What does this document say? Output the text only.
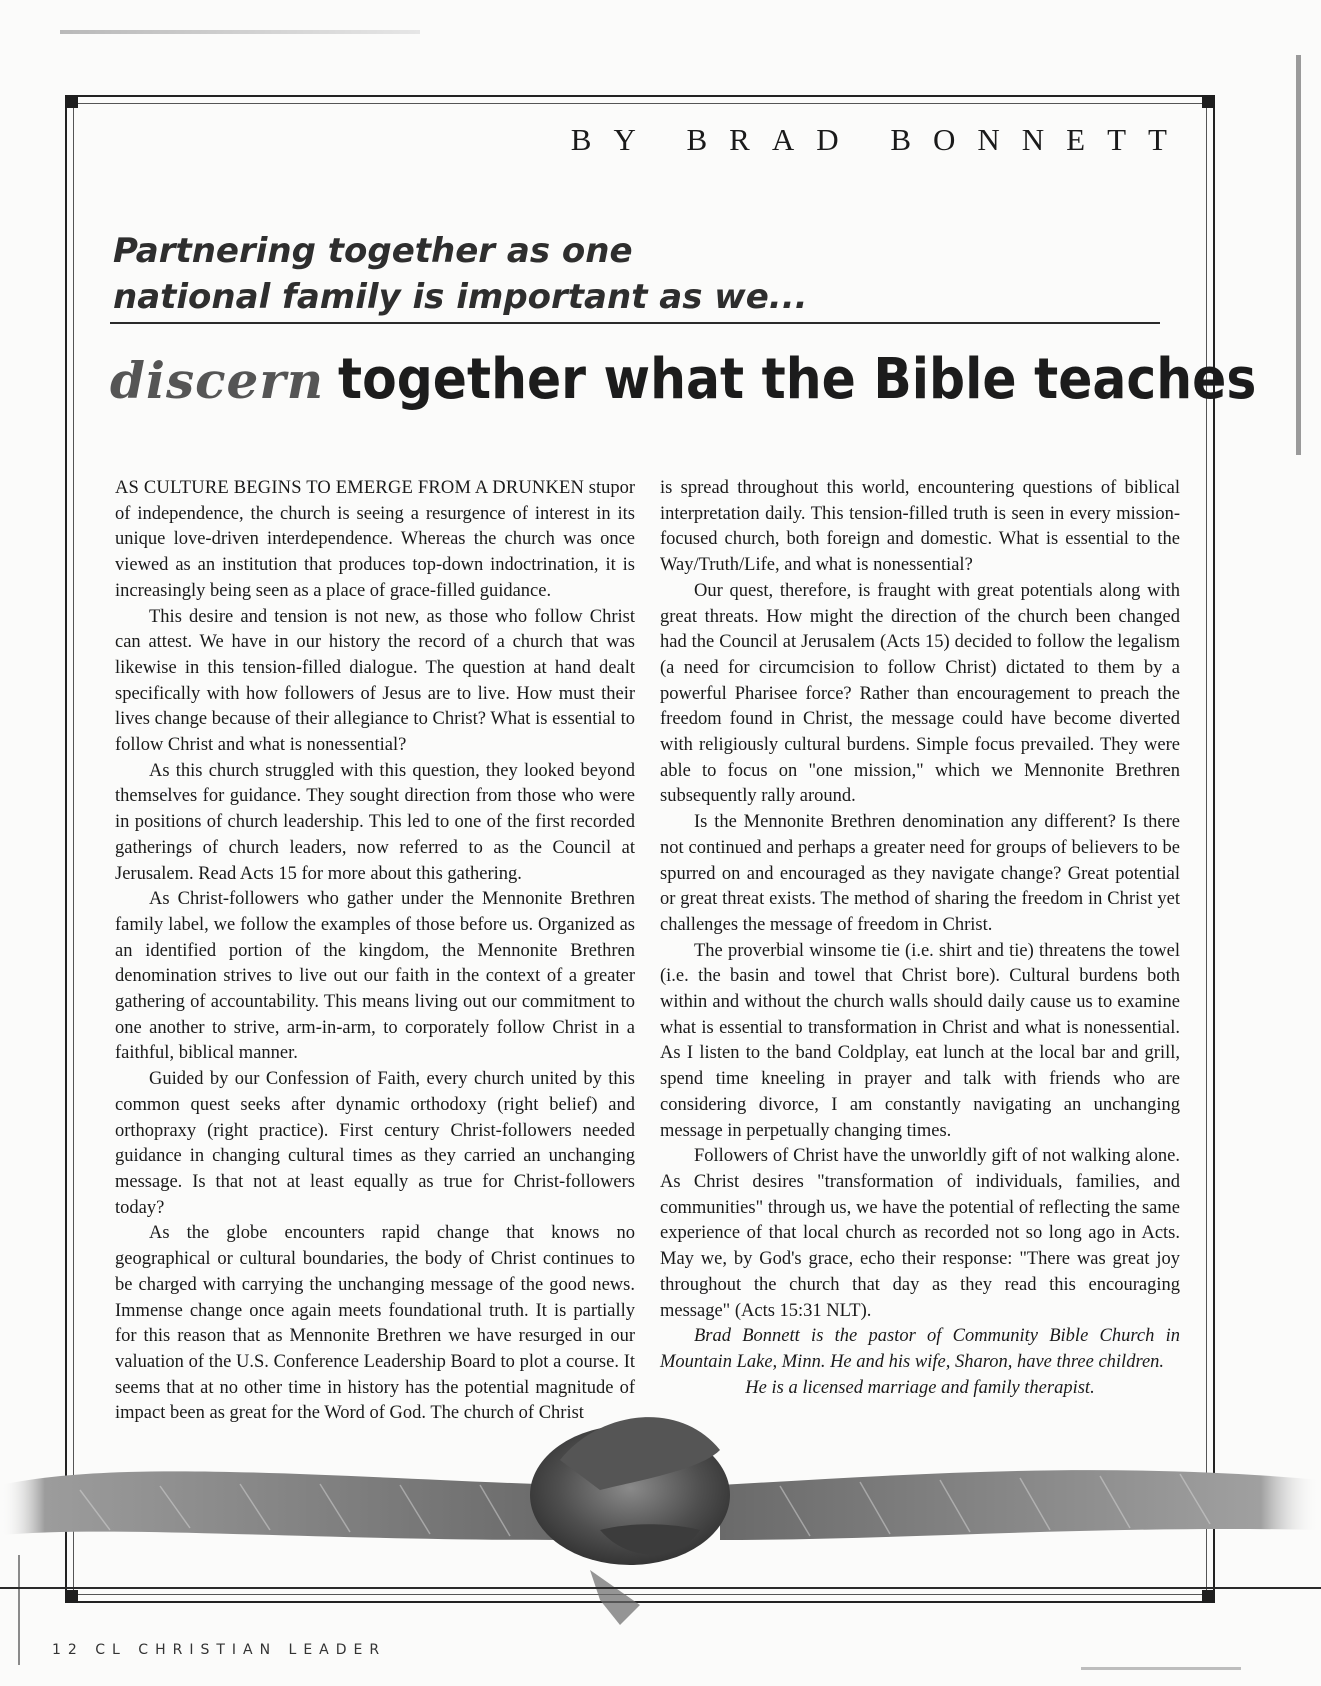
BY BRAD BONNETT
Partnering together as one
national family is important as we...
discern together what the Bible teaches

AS CULTURE BEGINS TO EMERGE FROM A DRUNKEN stupor of independence, the church is seeing a resurgence of interest in its unique love-driven interdependence. Whereas the church was once viewed as an institution that produces top-down indoctrination, it is increasingly being seen as a place of grace-filled guidance.

This desire and tension is not new, as those who follow Christ can attest. We have in our history the record of a church that was likewise in this tension-filled dialogue. The question at hand dealt specifically with how followers of Jesus are to live. How must their lives change because of their allegiance to Christ? What is essential to follow Christ and what is nonessential?

As this church struggled with this question, they looked beyond themselves for guidance. They sought direction from those who were in positions of church leadership. This led to one of the first recorded gatherings of church leaders, now referred to as the Council at Jerusalem. Read Acts 15 for more about this gathering.

As Christ-followers who gather under the Mennonite Brethren family label, we follow the examples of those before us. Organized as an identified portion of the kingdom, the Mennonite Brethren denomination strives to live out our faith in the context of a greater gathering of accountability. This means living out our commitment to one another to strive, arm-in-arm, to corporately follow Christ in a faithful, biblical manner.

Guided by our Confession of Faith, every church united by this common quest seeks after dynamic orthodoxy (right belief) and orthopraxy (right practice). First century Christ-followers needed guidance in changing cultural times as they carried an unchanging message. Is that not at least equally as true for Christ-followers today?

As the globe encounters rapid change that knows no geographical or cultural boundaries, the body of Christ continues to be charged with carrying the unchanging message of the good news. Immense change once again meets foundational truth. It is partially for this reason that as Mennonite Brethren we have resurged in our valuation of the U.S. Conference Leadership Board to plot a course. It seems that at no other time in history has the potential magnitude of impact been as great for the Word of God. The church of Christ

is spread throughout this world, encountering questions of biblical interpretation daily. This tension-filled truth is seen in every mission-focused church, both foreign and domestic. What is essential to the Way/Truth/Life, and what is nonessential?

Our quest, therefore, is fraught with great potentials along with great threats. How might the direction of the church been changed had the Council at Jerusalem (Acts 15) decided to follow the legalism (a need for circumcision to follow Christ) dictated to them by a powerful Pharisee force? Rather than encouragement to preach the freedom found in Christ, the message could have become diverted with religiously cultural burdens. Simple focus prevailed. They were able to focus on "one mission," which we Mennonite Brethren subsequently rally around.

Is the Mennonite Brethren denomination any different? Is there not continued and perhaps a greater need for groups of believers to be spurred on and encouraged as they navigate change? Great potential or great threat exists. The method of sharing the freedom in Christ yet challenges the message of freedom in Christ.

The proverbial winsome tie (i.e. shirt and tie) threatens the towel (i.e. the basin and towel that Christ bore). Cultural burdens both within and without the church walls should daily cause us to examine what is essential to transformation in Christ and what is nonessential. As I listen to the band Coldplay, eat lunch at the local bar and grill, spend time kneeling in prayer and talk with friends who are considering divorce, I am constantly navigating an unchanging message in perpetually changing times.

Followers of Christ have the unworldly gift of not walking alone. As Christ desires "transformation of individuals, families, and communities" through us, we have the potential of reflecting the same experience of that local church as recorded not so long ago in Acts. May we, by God's grace, echo their response: "There was great joy throughout the church that day as they read this encouraging message" (Acts 15:31 NLT).

Brad Bonnett is the pastor of Community Bible Church in Mountain Lake, Minn. He and his wife, Sharon, have three children.

He is a licensed marriage and family therapist.

12 CL CHRISTIAN LEADER
